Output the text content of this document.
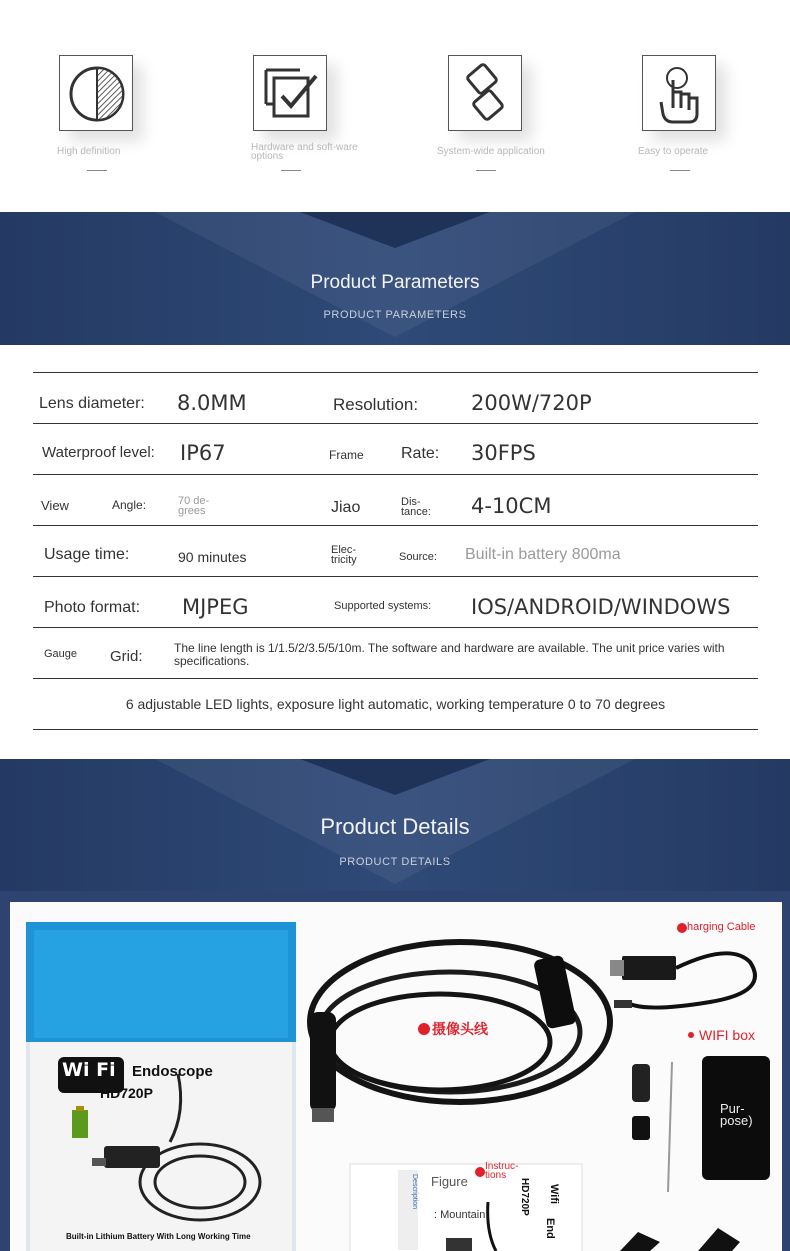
High definition	Hardware and soft-ware options	System-wide application	Easy to operate
Product Parameters
PRODUCT PARAMETERS
Lens diameter: 8.0MM	Resolution:	200W/720P
Waterproof level: IP67	Frame Rate: 30FPS
View	Angle:	70 de-grees	Jiao	Dis-tance: 4-10CM
Usage time:	90 minutes	Elec-tricity	Source: Built-in battery 800ma
Photo format: MJPEG	Supported systems: IOS/ANDROID/WINDOWS
Gauge Grid:	The line length is 1/1.5/2/3.5/5/10m. The software and hardware are available. The unit price varies with specifications.
6 adjustable LED lights, exposure light automatic, working temperature 0 to 70 degrees
Product Details
PRODUCT DETAILS
Wi Fi Endoscope
HD720P
Built-in Lithium Battery With Long Working Time
harging Cable
摄像头线	WIFI box
Pur-pose)
Figure
Instruc-tions
: Mountain
Description	HD720P Wifi
End
